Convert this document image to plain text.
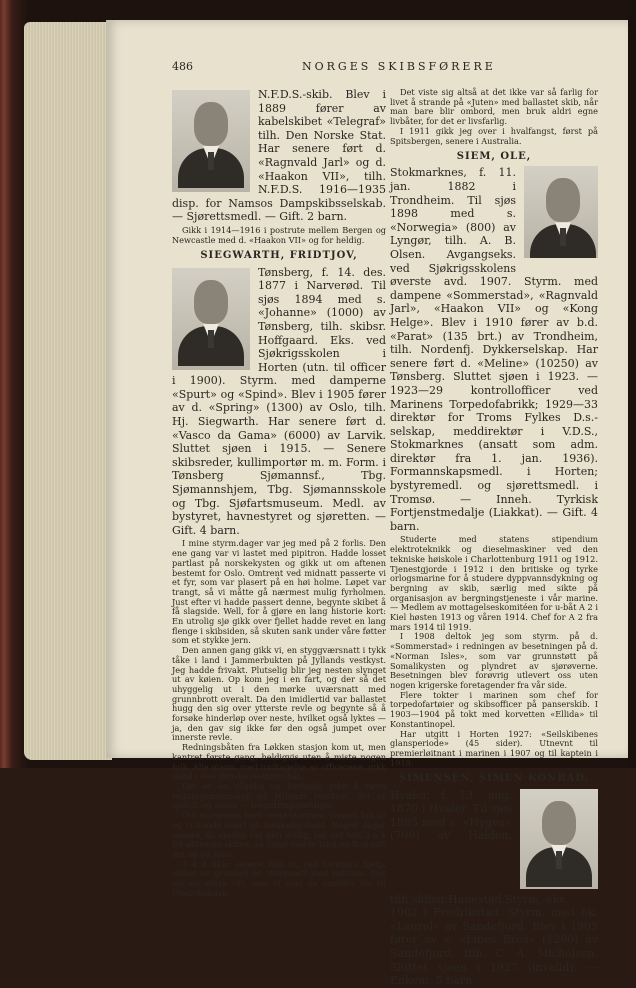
486	NORGES SKIBSFØRERE

N.F.D.S.-skib. Blev i 1889 fører av kabelskibet «Telegraf» tilh. Den Norske Stat. Har senere ført d. «Ragnvald Jarl» og d. «Haakon VII», tilh. N.F.D.S. 1916—1935 disp. for Namsos Dampskibsselskab. — Sjørettsmedl. — Gift. 2 barn.

Gikk i 1914—1916 i postrute mellem Bergen og Newcastle med d. «Haakon VII» og for heldig.

SIEGWARTH, FRIDTJOV,

Tønsberg, f. 14. des. 1877 i Narverød. Til sjøs 1894 med s. «Johanne» (1000) av Tønsberg, tilh. skibsr. Hoffgaard. Eks. ved Sjøkrigsskolen i Horten (utn. til officer i 1900). Styrm. med damperne «Spurt» og «Spind». Blev i 1905 fører av d. «Spring» (1300) av Oslo, tilh. Hj. Siegwarth. Har senere ført d. «Vasco da Gama» (6000) av Larvik. Sluttet sjøen i 1915. — Senere skibsreder, kullimportør m. m. Form. i Tønsberg Sjømannsf., Tbg. Sjømannshjem, Tbg. Sjømannsskole og Tbg. Sjøfartsmuseum. Medl. av bystyret, havnestyret og sjøretten. — Gift. 4 barn.

I mine styrm.dager var jeg med på 2 forlis. Den ene gang var vi lastet med pipitron. Hadde losset partlast på norskekysten og gikk ut om aftenen bestemt for Oslo. Omtrent ved midnatt passerte vi et fyr, som var plasert på en høi holme. Løpet var trangt, så vi måtte gå nærmest mulig fyrholmen. Just efter vi hadde passert denne, begynte skibet å få slagside. Well, for å gjøre en lang historie kort: En utrolig sjø gikk over fjellet hadde revet en lang flenge i skibsiden, så skuten sank under våre føtter som et stykke jern.

Den annen gang gikk vi, en styggværsnatt i tykk tåke i land i Jammerbukten på Jyllands vestkyst. Jeg hadde frivakt. Plutselig blir jeg nesten slynget ut av køien. Op kom jeg i en fart, og der så det uhyggelig ut i den mørke uværsnatt med grunnbrott overalt. Da den imidlertid var ballastet hugg den sig over ytterste revle og begynte så å forsøke hinderløp over neste, hvilket også lyktes — ja, den gav sig ikke før den også jumpet over innerste revle.

Redningsbåten fra Løkken stasjon kom ut, men kantret første gang, heldigvis uten å miste nogen folk. Alle mann, med undtagelse av officerene, gikk iland i den danske redningsbåt.

Det er en vågelig og livsfarlig jobb å være redningsmannskap på Jyllands vestkyst, det er sjøfolk og menn — beundringsverdige!

Om morgenen leiet vesta-stormen, vannet falt ut og vi kunde snart gå mekkelig iland. Nogen dager senere, da vinden var gått østlig, var det tørt 3 a 4 fot aktenom skibet, så langt hadde vind og flod satt det op på land.

3 a 4 uker senere fikk vi, ved Switzers hjelp, skibet av grunnen en stormnatt med høivann. Det var en svare slit, men vi kom da omsider inn til Fredrikshavn.

Det viste sig altså at det ikke var så farlig for livet å strande på «Juten» med ballastet skib, når man bare blir ombord, men bruk aldri egne livbåter, for det er livsfarlig.

I 1911 gikk jeg over i hvalfangst, først på Spitsbergen, senere i Australia.

SIEM, OLE,

Stokmarknes, f. 11. jan. 1882 i Trondheim. Til sjøs 1898 med s. «Norwegia» (800) av Lyngør, tilh. A. B. Olsen. Avgangseks. ved Sjøkrigsskolens øverste avd. 1907. Styrm. med dampene «Sommerstad», «Ragnvald Jarl», «Haakon VII» og «Kong Helge». Blev i 1910 fører av b.d. «Parat» (135 brt.) av Trondheim, tilh. Nordenfj. Dykkerselskap. Har senere ført d. «Meline» (10250) av Tønsberg. Sluttet sjøen i 1923. — 1923—29 kontrollofficer ved Marinens Torpedofabrikk; 1929—33 direktør for Troms Fylkes D.s.-selskap, meddirektør i V.D.S., Stokmarknes (ansatt som adm. direktør fra 1. jan. 1936). Formannskapsmedl. i Horten; bystyremedl. og sjørettsmedl. i Tromsø. — Inneh. Tyrkisk Fortjenstmedalje (Liakkat). — Gift. 4 barn.

Studerte med statens stipendium elektroteknikk og dieselmaskiner ved den tekniske høiskole i Charlottenburg 1911 og 1912. Tjenestgjorde i 1912 i den britiske og tyrke orlogsmarine for å studere dyppvannsdykning og bergning av skib, særlig med sikte på organisasjon av bergningstjeneste i vår marine. — Medlem av mottagelseskomitéen for u-båt A 2 i Kiel høsten 1913 og våren 1914. Chef for A 2 fra mars 1914 til 1919.

I 1908 deltok jeg som styrm. på d. «Sommerstad» i redningen av besetningen på d. «Norman Isles», som var grunnstøtt på Somalikysten og plyndret av sjørøverne. Besetningen blev forøvrig utlevert oss uten nogen krigerske foretagender fra vår side.

Flere tokter i marinen som chef for torpedofartøier og skibsofficer på panserskib. I 1903—1904 på tokt med korvetten «Ellida» til Konstantinopel.

Har utgitt i Horten 1927: «Seilskibenes glansperiode» (45 sider). Utnevnt til premierløitnant i marinen i 1907 og til kaptein i 1919.

SIMENSEN, SIMEN KONRAD,

Hvaler, f. 13. aug. 1870 i Hvaler. Til sjøs 1885 med s. «Hygea» (700) av Halden, tilh.skibsr.Hanestad.Styrm.-eks. 1902 i Fredrikstad. Styrm. med bk. «Laurel» av Sandefjord. Blev i 1905 fører av s. «Lines Bros» (1200) av Sandefjord, tilh. C. A. Michelsen. Sluttet sjøen i 1927 (invalid). — Enkem. 5 barn.
